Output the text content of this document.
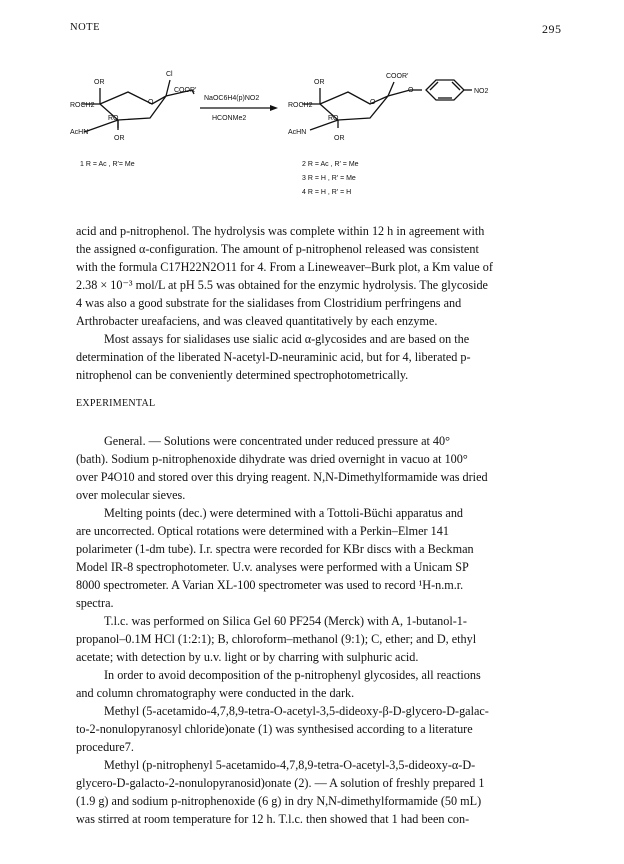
NOTE	295
OR
Cl
ROCH2
RO
AcHN
OR
O
COOR′
1 R = Ac , R′= Me
NaOC6H4(p)NO2
HCONMe2
OR
COOR′
ROCH2
RO
AcHN
OR
O
O	NO2
2 R = Ac , R′ = Me
3 R = H , R′ = Me
4 R = H , R′ = H

acid and p-nitrophenol. The hydrolysis was complete within 12 h in agreement with

the assigned α-configuration. The amount of p-nitrophenol released was consistent

with the formula C17H22N2O11 for 4. From a Lineweaver–Burk plot, a Km value of

2.38 × 10⁻³ mol/L at pH 5.5 was obtained for the enzymic hydrolysis. The glycoside

4 was also a good substrate for the sialidases from Clostridium perfringens and

Arthrobacter ureafaciens, and was cleaved quantitatively by each enzyme.

Most assays for sialidases use sialic acid α-glycosides and are based on the

determination of the liberated N-acetyl-D-neuraminic acid, but for 4, liberated p-

nitrophenol can be conveniently determined spectrophotometrically.

EXPERIMENTAL

General. — Solutions were concentrated under reduced pressure at 40°

(bath). Sodium p-nitrophenoxide dihydrate was dried overnight in vacuo at 100°

over P4O10 and stored over this drying reagent. N,N-Dimethylformamide was dried

over molecular sieves.

Melting points (dec.) were determined with a Tottoli-Büchi apparatus and

are uncorrected. Optical rotations were determined with a Perkin–Elmer 141

polarimeter (1-dm tube). I.r. spectra were recorded for KBr discs with a Beckman

Model IR-8 spectrophotometer. U.v. analyses were performed with a Unicam SP

8000 spectrometer. A Varian XL-100 spectrometer was used to record ¹H-n.m.r.

spectra.

T.l.c. was performed on Silica Gel 60 PF254 (Merck) with A, 1-butanol-1-

propanol–0.1M HCl (1:2:1); B, chloroform–methanol (9:1); C, ether; and D, ethyl

acetate; with detection by u.v. light or by charring with sulphuric acid.

In order to avoid decomposition of the p-nitrophenyl glycosides, all reactions

and column chromatography were conducted in the dark.

Methyl (5-acetamido-4,7,8,9-tetra-O-acetyl-3,5-dideoxy-β-D-glycero-D-galac-

to-2-nonulopyranosyl chloride)onate (1) was synthesised according to a literature

procedure7.

Methyl (p-nitrophenyl 5-acetamido-4,7,8,9-tetra-O-acetyl-3,5-dideoxy-α-D-

glycero-D-galacto-2-nonulopyranosid)onate (2). — A solution of freshly prepared 1

(1.9 g) and sodium p-nitrophenoxide (6 g) in dry N,N-dimethylformamide (50 mL)

was stirred at room temperature for 12 h. T.l.c. then showed that 1 had been con-
